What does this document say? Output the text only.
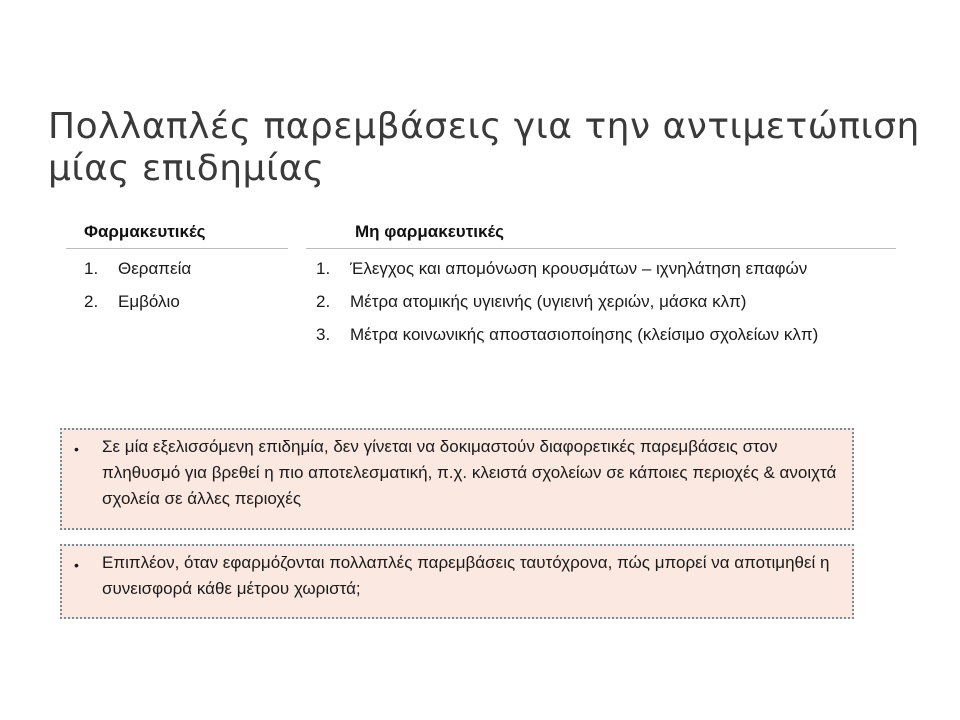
Πολλαπλές παρεμβάσεις για την αντιμετώπιση μίας επιδημίας
Φαρμακευτικές
1. Θεραπεία
2. Εμβόλιο
Μη φαρμακευτικές
1. Έλεγχος και απομόνωση κρουσμάτων – ιχνηλάτηση επαφών
2. Μέτρα ατομικής υγιεινής (υγιεινή χεριών, μάσκα κλπ)
3. Μέτρα κοινωνικής αποστασιοποίησης (κλείσιμο σχολείων κλπ)
•	Σε μία εξελισσόμενη επιδημία, δεν γίνεται να δοκιμαστούν διαφορετικές παρεμβάσεις στον πληθυσμό για βρεθεί η πιο αποτελεσματική, π.χ. κλειστά σχολείων σε κάποιες περιοχές & ανοιχτά σχολεία σε άλλες περιοχές
•	Επιπλέον, όταν εφαρμόζονται πολλαπλές παρεμβάσεις ταυτόχρονα, πώς μπορεί να αποτιμηθεί η συνεισφορά κάθε μέτρου χωριστά;
